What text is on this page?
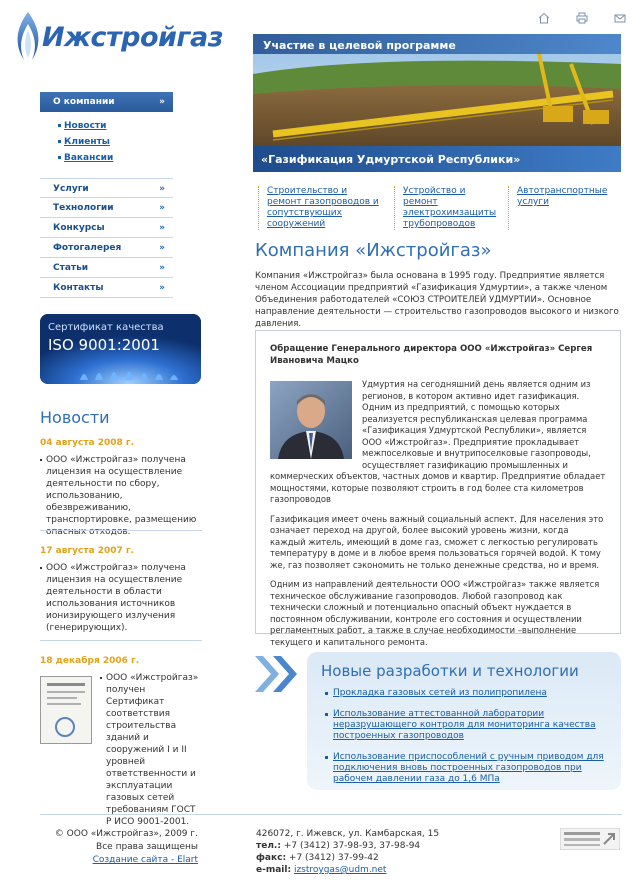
Ижстройгаз	Участие в целевой программе
«Газификация Удмуртской Республики»
О компании	»
Новости
Клиенты
Вакансии
Услуги	»
Технологии	»
Конкурсы	»
Фотогалерея	»
Статьи	»
Контакты	»
Сертификат качества
ISO 9001:2001
Новости
04 августа 2008 г.
ООО «Ижстройгаз» получена лицензия на осуществление деятельности по сбору, использованию, обезвреживанию, транспортировке, размещению опасных отходов.
17 августа 2007 г.
ООО «Ижстройгаз» получена лицензия на осуществление деятельности в области использования источников ионизирующего излучения (генерирующих).
18 декабря 2006 г.
ООО «Ижстройгаз» получен Сертификат соответствия строительства зданий и сооружений I и II уровней ответственности и эксплуатации газовых сетей требованиям ГОСТ Р ИСО 9001-2001.
Строительство и ремонт газопроводов и сопутствующих сооружений
Устройство и ремонт электрохимзащиты трубопроводов
Автотранспортные услуги
Компания «Ижстройгаз»
Компания «Ижстройгаз» была основана в 1995 году. Предприятие является членом Ассоциации предприятий «Газификация Удмуртии», а также членом Объединения работодателей «СОЮЗ СТРОИТЕЛЕЙ УДМУРТИИ». Основное направление деятельности — строительство газопроводов высокого и низкого давления.
Обращение Генерального директора ООО «Ижстройгаз» Сергея Ивановича Мацко

Удмуртия на сегодняшний день является одним из регионов, в котором активно идет газификация. Одним из предприятий, с помощью которых реализуется республиканская целевая программа «Газификация Удмуртской Республики», является ООО «Ижстройгаз». Предприятие прокладывает межпоселковые и внутрипоселковые газопроводы, осуществляет газификацию промышленных и коммерческих объектов, частных домов и квартир. Предприятие обладает мощностями, которые позволяют строить в год более ста километров газопроводов

Газификация имеет очень важный социальный аспект. Для населения это означает переход на другой, более высокий уровень жизни, когда каждый житель, имеющий в доме газ, сможет с легкостью регулировать температуру в доме и в любое время пользоваться горячей водой. К тому же, газ позволяет сэкономить не только денежные средства, но и время.

Одним из направлений деятельности ООО «Ижстройгаз» также является техническое обслуживание газопроводов. Любой газопровод как технически сложный и потенциально опасный объект нуждается в постоянном обслуживании, контроле его состояния и осуществлении регламентных работ, а также в случае необходимости –выполнение текущего и капитального ремонта.

Новые разработки и технологии
Прокладка газовых сетей из полипропилена
Использование аттестованной лаборатории неразрушающего контроля для мониторинга качества построенных газопроводов
Использование приспособлений с ручным приводом для подключения вновь построенных газопроводов при рабочем давлении газа до 1,6 МПа
© ООО «Ижстройгаз», 2009 г.
Все права защищены
Создание сайта - Elart
426072, г. Ижевск, ул. Камбарская, 15
тел.: +7 (3412) 37-98-93, 37-98-94
факс: +7 (3412) 37-99-42
e-mail: izstroygas@udm.net
